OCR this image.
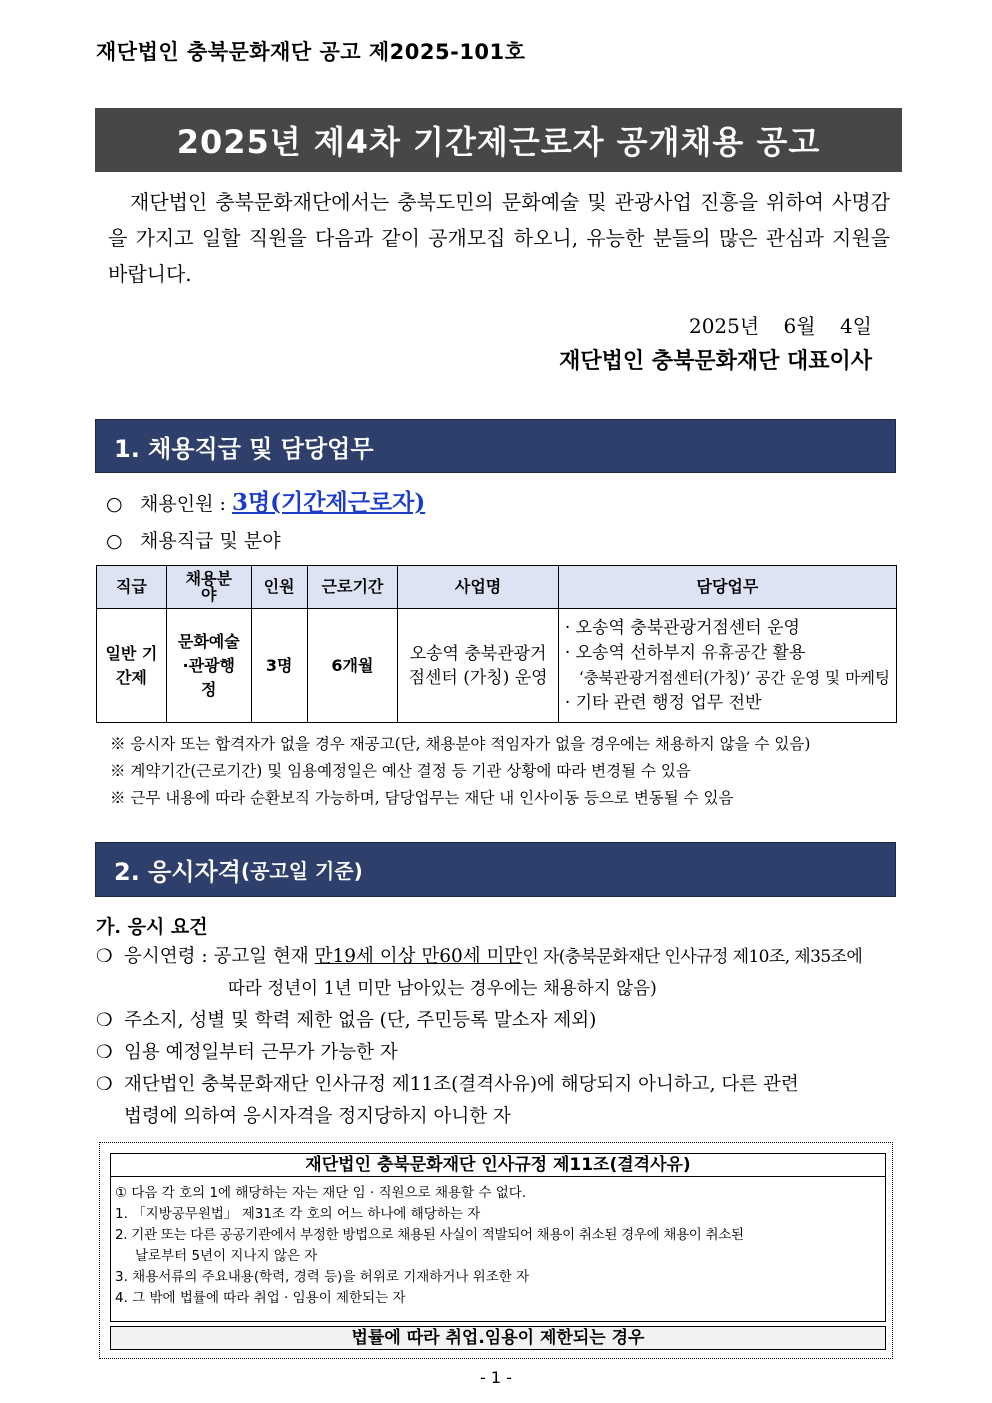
재단법인 충북문화재단 공고 제2025-101호
2025년 제4차 기간제근로자 공개채용 공고
재단법인 충북문화재단에서는 충북도민의 문화예술 및 관광사업 진흥을 위하여 사명감을 가지고 일할 직원을 다음과 같이 공개모집 하오니, 유능한 분들의 많은 관심과 지원을 바랍니다.
2025년 6월 4일
재단법인 충북문화재단 대표이사
1. 채용직급 및 담당업무
○ 채용인원 : 3명(기간제근로자)
○ 채용직급 및 분야
직급	채용분야	인원	근로기간	사업명	담당업무
일반 기간제	문화예술·관광행정	3명	6개월	오송역 충북관광거점센터 (가칭) 운영	· 오송역 충북관광거점센터 운영
· 오송역 선하부지 유휴공간 활용
‘충북관광거점센터(가칭)’ 공간 운영 및 마케팅
· 기타 관련 행정 업무 전반
※ 응시자 또는 합격자가 없을 경우 재공고(단, 채용분야 적임자가 없을 경우에는 채용하지 않을 수 있음)
※ 계약기간(근로기간) 및 임용예정일은 예산 결정 등 기관 상황에 따라 변경될 수 있음
※ 근무 내용에 따라 순환보직 가능하며, 담당업무는 재단 내 인사이동 등으로 변동될 수 있음
2. 응시자격 (공고일 기준)
가. 응시 요건
❍ 응시연령 : 공고일 현재 만19세 이상 만60세 미만인 자(충북문화재단 인사규정 제10조, 제35조에
따라 정년이 1년 미만 남아있는 경우에는 채용하지 않음)
❍ 주소지, 성별 및 학력 제한 없음 (단, 주민등록 말소자 제외)
❍ 임용 예정일부터 근무가 가능한 자
❍ 재단법인 충북문화재단 인사규정 제11조(결격사유)에 해당되지 아니하고, 다른 관련
법령에 의하여 응시자격을 정지당하지 아니한 자
재단법인 충북문화재단 인사규정 제11조(결격사유)
① 다음 각 호의 1에 해당하는 자는 재단 임 · 직원으로 채용할 수 없다.
1. 「지방공무원법」 제31조 각 호의 어느 하나에 해당하는 자
2. 기관 또는 다른 공공기관에서 부정한 방법으로 채용된 사실이 적발되어 채용이 취소된 경우에 채용이 취소된
날로부터 5년이 지나지 않은 자
3. 채용서류의 주요내용(학력, 경력 등)을 허위로 기재하거나 위조한 자
4. 그 밖에 법률에 따라 취업 · 임용이 제한되는 자
법률에 따라 취업.임용이 제한되는 경우
- 1 -
